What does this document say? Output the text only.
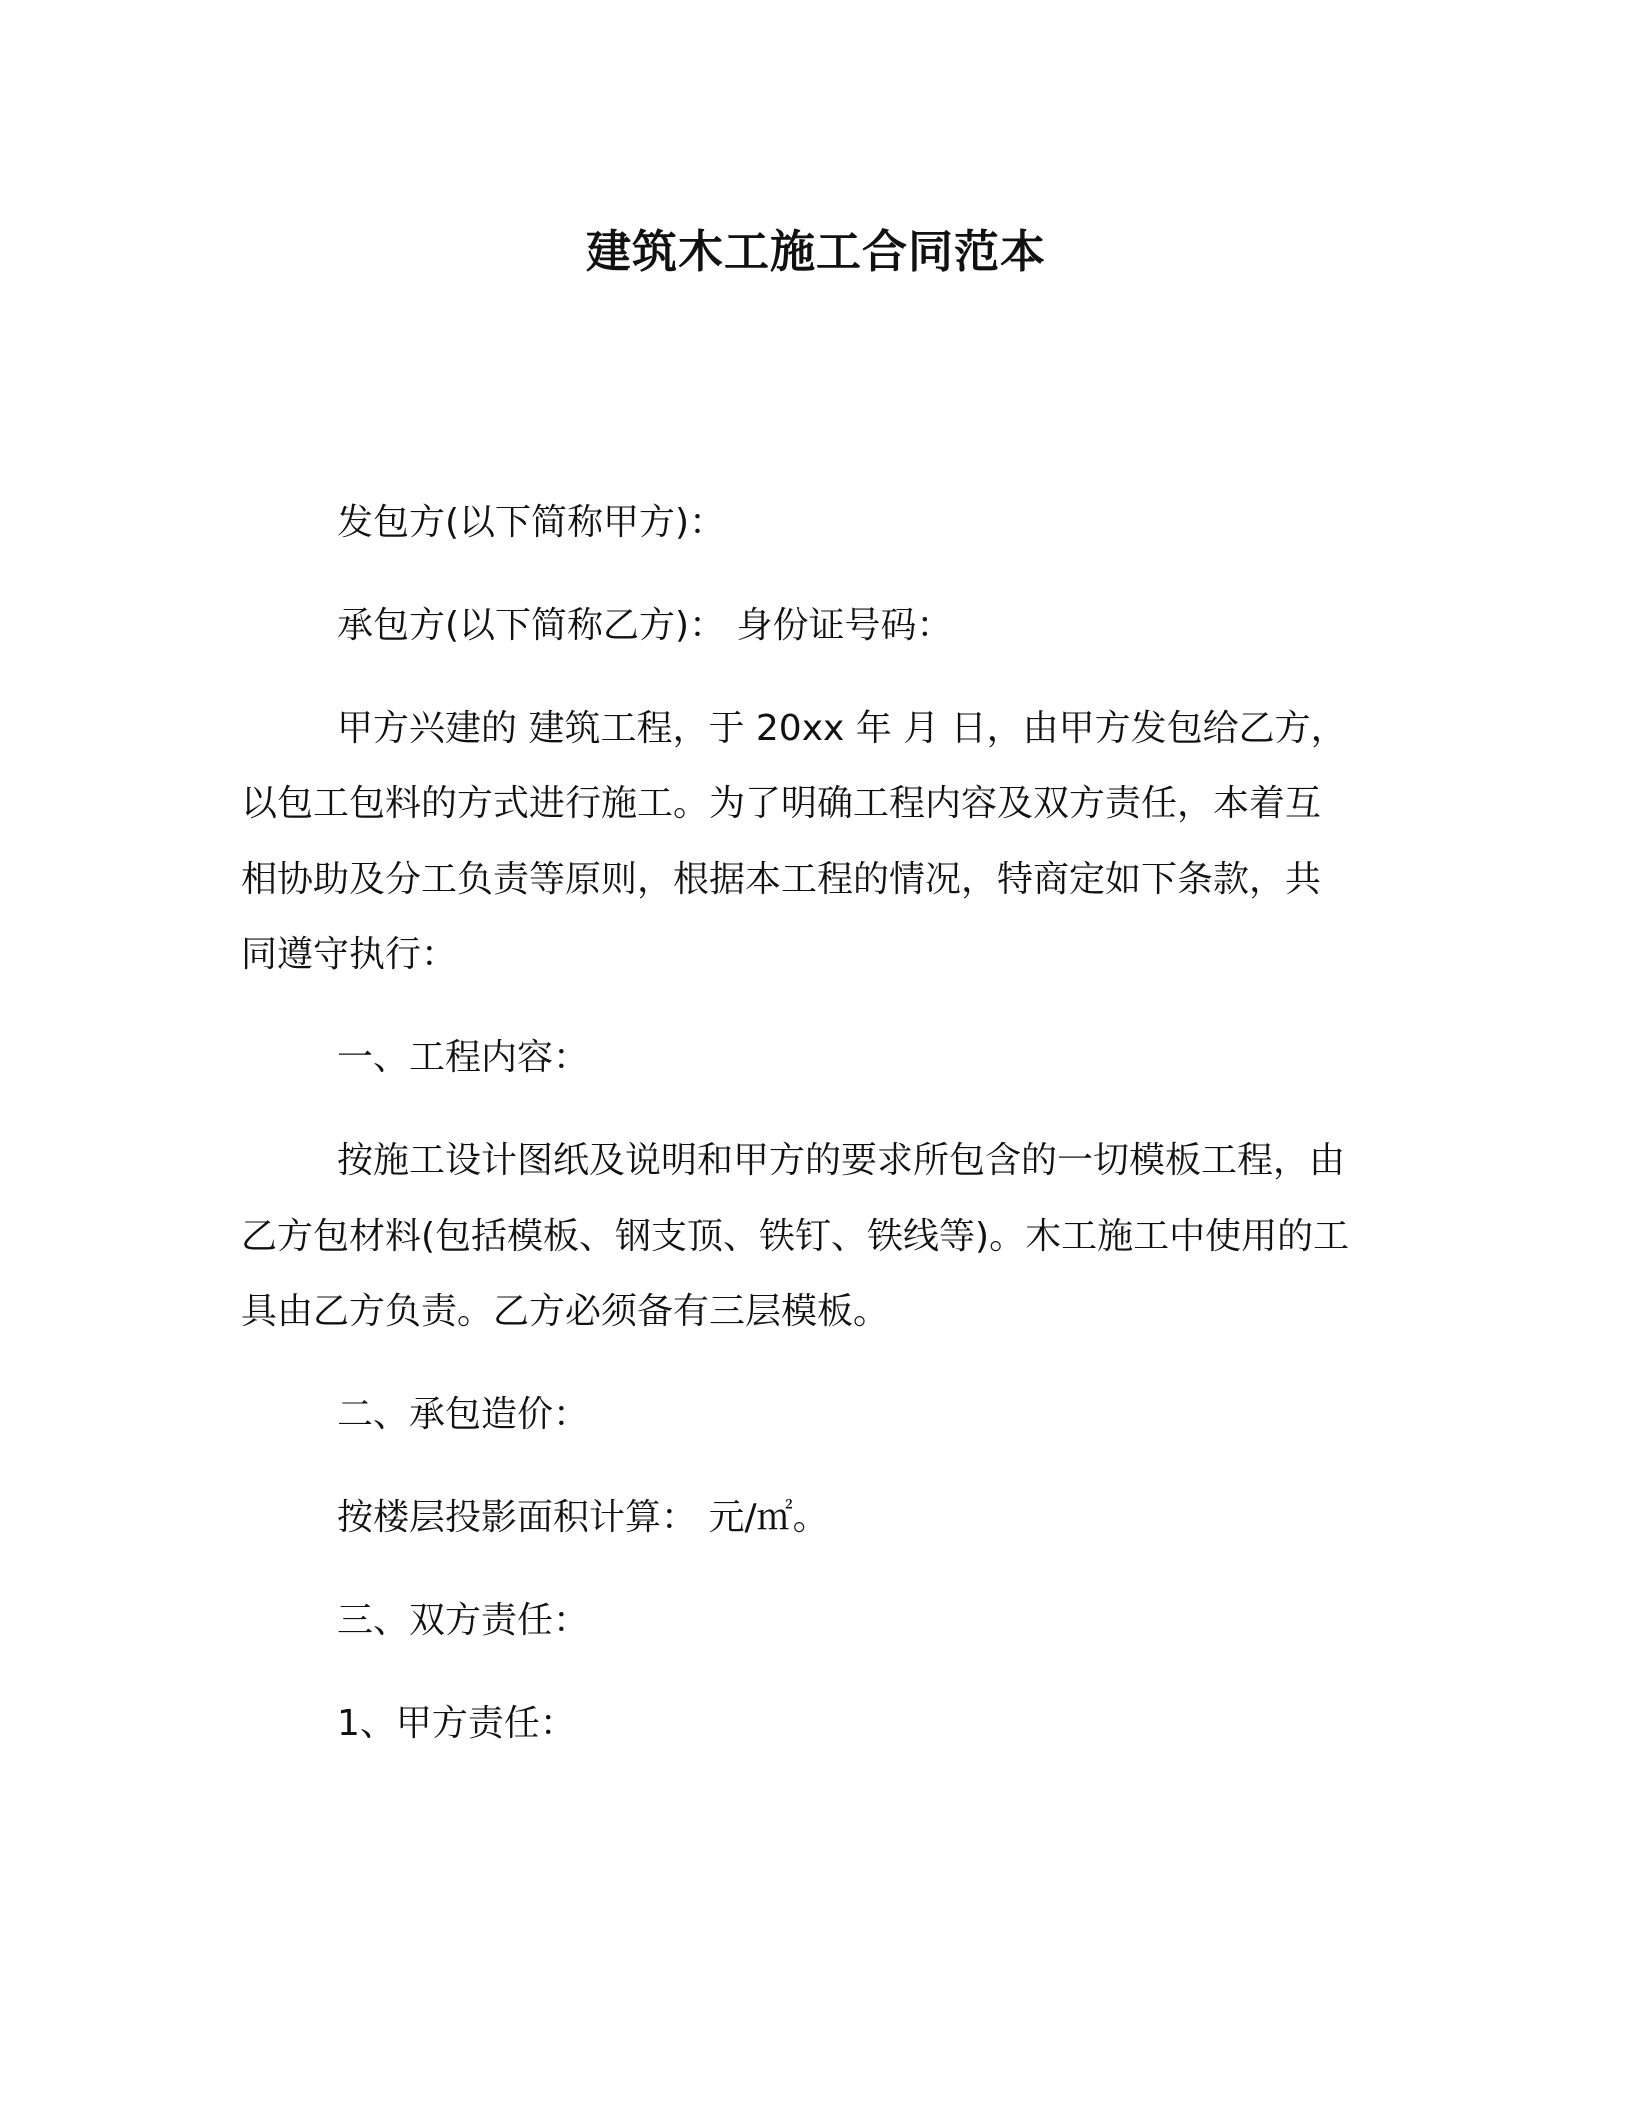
建筑木工施工合同范本

发包方(以下简称甲方)：

承包方(以下简称乙方)： 身份证号码：

甲方兴建的 建筑工程，于 20xx 年 月 日，由甲方发包给乙方，

以包工包料的方式进行施工。为了明确工程内容及双方责任，本着互

相协助及分工负责等原则，根据本工程的情况，特商定如下条款，共

同遵守执行：

一、工程内容：

按施工设计图纸及说明和甲方的要求所包含的一切模板工程，由

乙方包材料(包括模板、钢支顶、铁钉、铁线等)。木工施工中使用的工

具由乙方负责。乙方必须备有三层模板。

二、承包造价：

按楼层投影面积计算： 元/㎡。

三、双方责任：

1、甲方责任：
